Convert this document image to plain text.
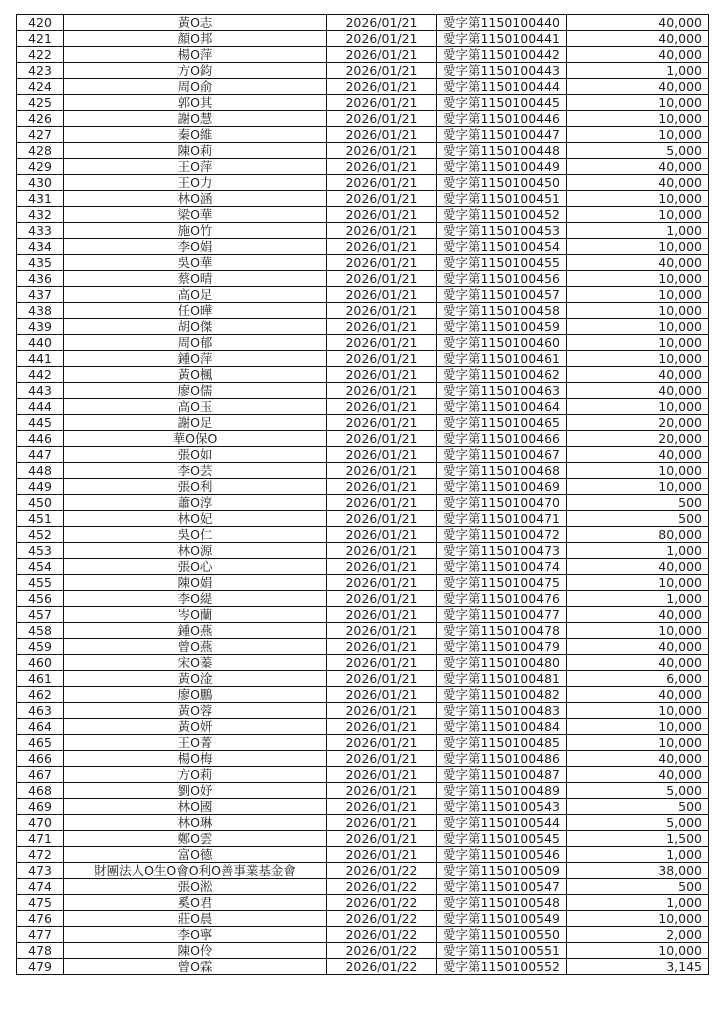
420	黃O志	2026/01/21	愛字第1150100440	40,000
421	顏O邦	2026/01/21	愛字第1150100441	40,000
422	楊O萍	2026/01/21	愛字第1150100442	40,000
423	方O鈞	2026/01/21	愛字第1150100443	1,000
424	周O俞	2026/01/21	愛字第1150100444	40,000
425	郭O其	2026/01/21	愛字第1150100445	10,000
426	謝O慧	2026/01/21	愛字第1150100446	10,000
427	秦O維	2026/01/21	愛字第1150100447	10,000
428	陳O莉	2026/01/21	愛字第1150100448	5,000
429	王O萍	2026/01/21	愛字第1150100449	40,000
430	王O力	2026/01/21	愛字第1150100450	40,000
431	林O涵	2026/01/21	愛字第1150100451	10,000
432	梁O華	2026/01/21	愛字第1150100452	10,000
433	施O竹	2026/01/21	愛字第1150100453	1,000
434	李O娟	2026/01/21	愛字第1150100454	10,000
435	吳O華	2026/01/21	愛字第1150100455	40,000
436	蔡O晴	2026/01/21	愛字第1150100456	10,000
437	高O足	2026/01/21	愛字第1150100457	10,000
438	任O曄	2026/01/21	愛字第1150100458	10,000
439	胡O傑	2026/01/21	愛字第1150100459	10,000
440	周O郁	2026/01/21	愛字第1150100460	10,000
441	鍾O萍	2026/01/21	愛字第1150100461	10,000
442	黃O楓	2026/01/21	愛字第1150100462	40,000
443	廖O儒	2026/01/21	愛字第1150100463	40,000
444	高O玉	2026/01/21	愛字第1150100464	10,000
445	謝O足	2026/01/21	愛字第1150100465	20,000
446	華O保O	2026/01/21	愛字第1150100466	20,000
447	張O如	2026/01/21	愛字第1150100467	40,000
448	李O芸	2026/01/21	愛字第1150100468	10,000
449	張O利	2026/01/21	愛字第1150100469	10,000
450	蕭O淳	2026/01/21	愛字第1150100470	500
451	林O妃	2026/01/21	愛字第1150100471	500
452	吳O仁	2026/01/21	愛字第1150100472	80,000
453	林O源	2026/01/21	愛字第1150100473	1,000
454	張O心	2026/01/21	愛字第1150100474	40,000
455	陳O娟	2026/01/21	愛字第1150100475	10,000
456	李O緹	2026/01/21	愛字第1150100476	1,000
457	岑O蘭	2026/01/21	愛字第1150100477	40,000
458	鍾O燕	2026/01/21	愛字第1150100478	10,000
459	曾O燕	2026/01/21	愛字第1150100479	40,000
460	宋O蓁	2026/01/21	愛字第1150100480	40,000
461	黃O淦	2026/01/21	愛字第1150100481	6,000
462	廖O鵬	2026/01/21	愛字第1150100482	40,000
463	黃O蓉	2026/01/21	愛字第1150100483	10,000
464	黃O妍	2026/01/21	愛字第1150100484	10,000
465	王O菁	2026/01/21	愛字第1150100485	10,000
466	楊O梅	2026/01/21	愛字第1150100486	40,000
467	方O莉	2026/01/21	愛字第1150100487	40,000
468	劉O妤	2026/01/21	愛字第1150100489	5,000
469	林O國	2026/01/21	愛字第1150100543	500
470	林O琳	2026/01/21	愛字第1150100544	5,000
471	鄭O雲	2026/01/21	愛字第1150100545	1,500
472	富O德	2026/01/21	愛字第1150100546	1,000
473	財團法人O生O會O利O善事業基金會	2026/01/22	愛字第1150100509	38,000
474	張O淞	2026/01/22	愛字第1150100547	500
475	奚O君	2026/01/22	愛字第1150100548	1,000
476	莊O晨	2026/01/22	愛字第1150100549	10,000
477	李O寧	2026/01/22	愛字第1150100550	2,000
478	陳O伶	2026/01/22	愛字第1150100551	10,000
479	曾O霖	2026/01/22	愛字第1150100552	3,145
